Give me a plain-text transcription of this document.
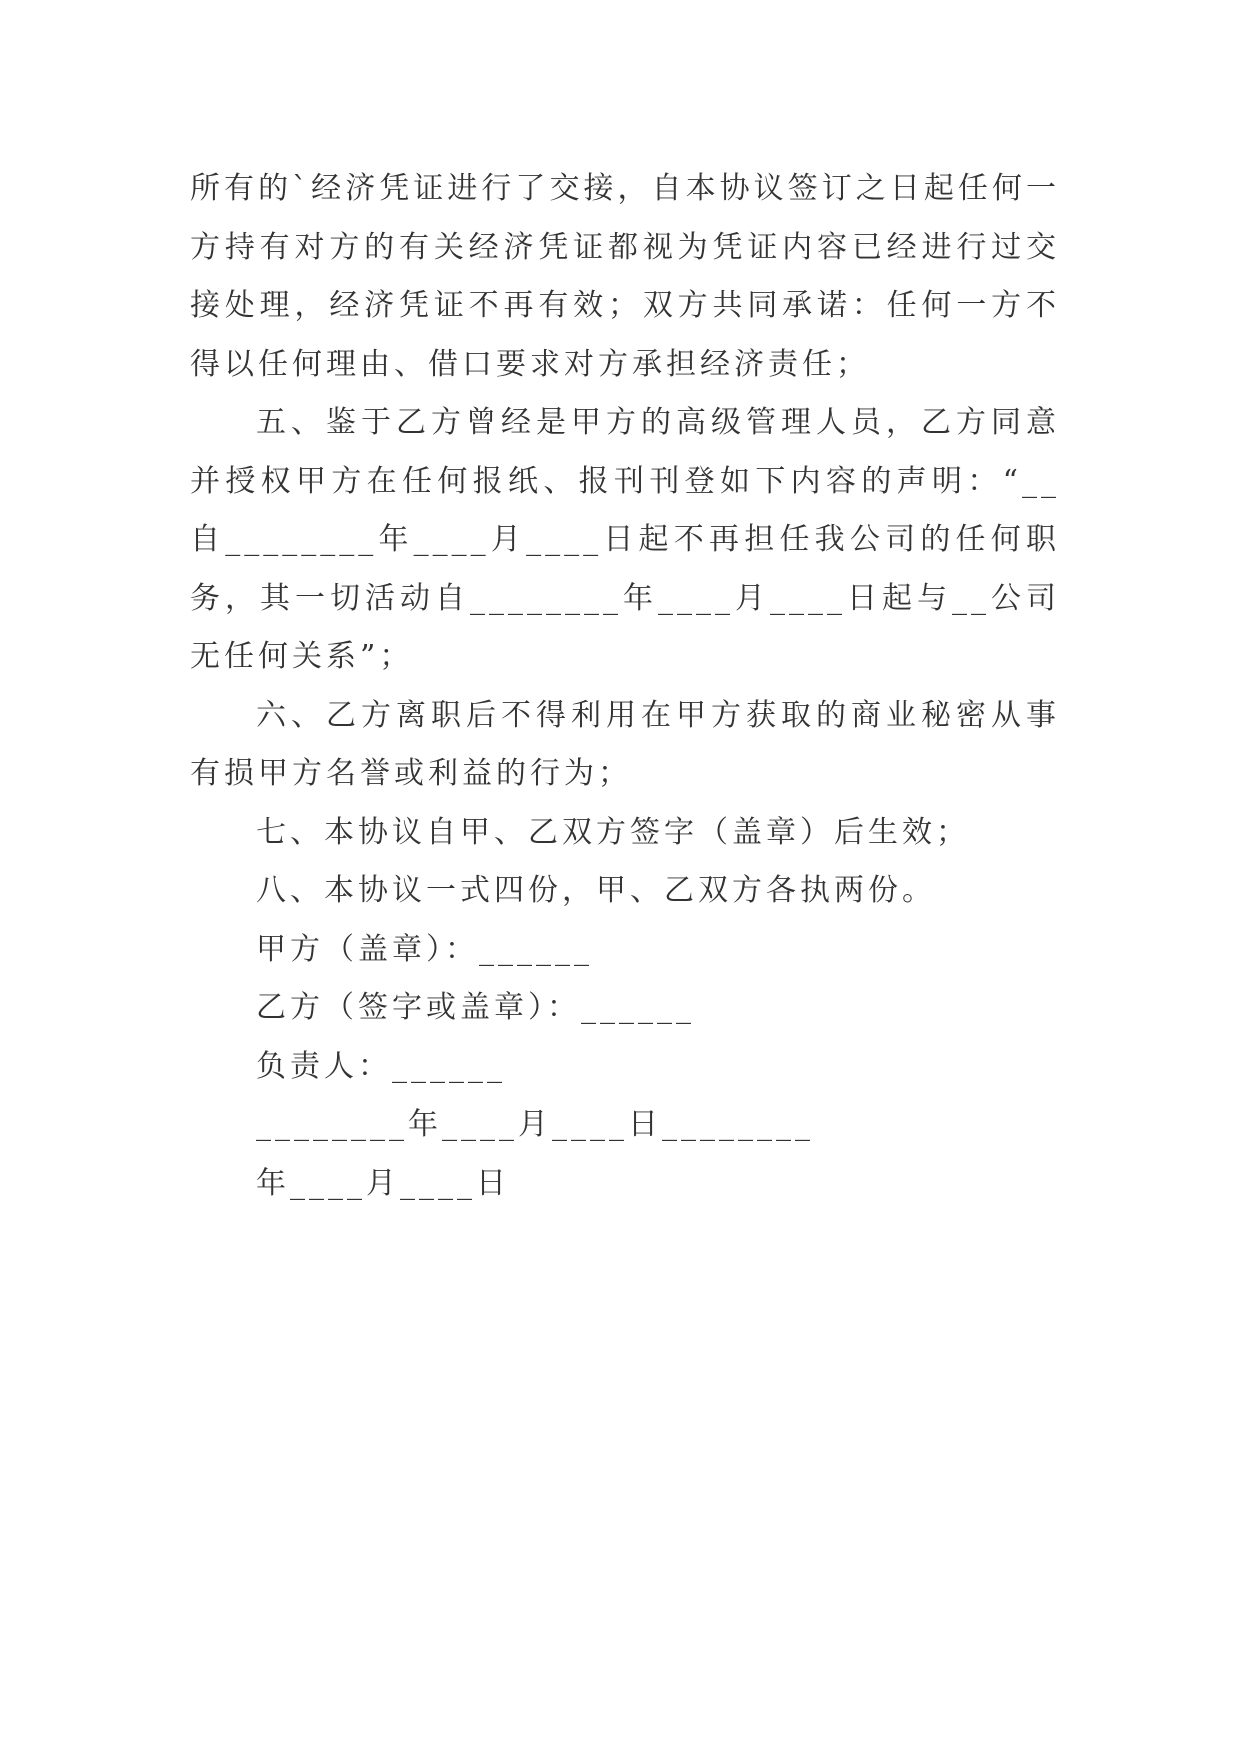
所有的`经济凭证进行了交接，自本协议签订之日起任何一方持有对方的有关经济凭证都视为凭证内容已经进行过交接处理，经济凭证不再有效；双方共同承诺：任何一方不得以任何理由、借口要求对方承担经济责任；

五、鉴于乙方曾经是甲方的高级管理人员，乙方同意并授权甲方在任何报纸、报刊刊登如下内容的声明：“__自________年____月____日起不再担任我公司的任何职务，其一切活动自________年____月____日起与__公司无任何关系”；

六、乙方离职后不得利用在甲方获取的商业秘密从事有损甲方名誉或利益的行为；

七、本协议自甲、乙双方签字（盖章）后生效；

八、本协议一式四份，甲、乙双方各执两份。

甲方（盖章）：______

乙方（签字或盖章）：______

负责人：______

________年____月____日________

年____月____日
